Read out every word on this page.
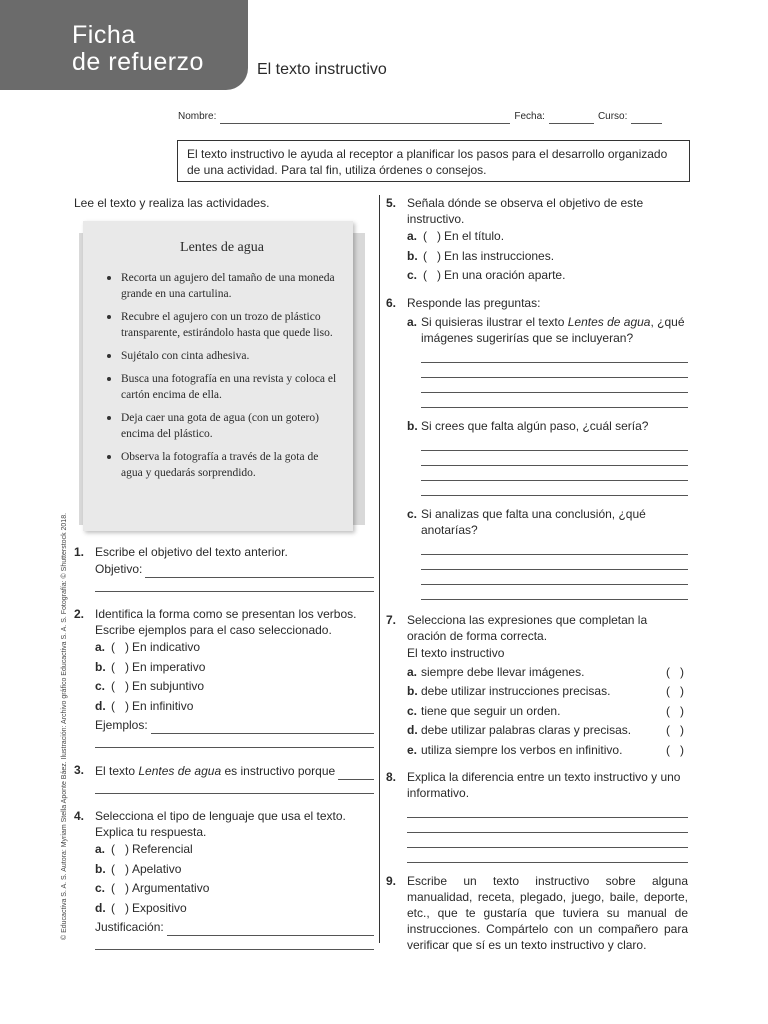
Ficha
de refuerzo	El texto instructivo
Nombre:	Fecha:	Curso:
El texto instructivo le ayuda al receptor a planificar los pasos para el desarrollo organizado de una actividad. Para tal fin, utiliza órdenes o consejos.
Lee el texto y realiza las actividades.
Lentes de agua
Recorta un agujero del tamaño de una moneda grande en una cartulina.
Recubre el agujero con un trozo de plástico transparente, estirándolo hasta que quede liso.
Sujétalo con cinta adhesiva.
Busca una fotografía en una revista y coloca el cartón encima de ella.
Deja caer una gota de agua (con un gotero) encima del plástico.
Observa la fotografía a través de la gota de agua y quedarás sorprendido.
1. Escribe el objetivo del texto anterior.

Objetivo:
2. Identifica la forma como se presentan los verbos. Escribe ejemplos para el caso seleccionado.

a. (   ) En indicativo
b. (   ) En imperativo
c. (   ) En subjuntivo
d. (   ) En infinitivo
Ejemplos:
3. El texto
Lentes de agua
es instructivo porque
4. Selecciona el tipo de lenguaje que usa el texto. Explica tu respuesta.

a. (   ) Referencial
b. (   ) Apelativo
c. (   ) Argumentativo
d. (   ) Expositivo
Justificación:
5. Señala dónde se observa el objetivo de este instructivo.

a. (   ) En el título.
b. (   ) En las instrucciones.
c. (   ) En una oración aparte.
6. Responde las preguntas:

a. Si quisieras ilustrar el texto Lentes de agua, ¿qué imágenes sugerirías que se incluyeran?

b. Si crees que falta algún paso, ¿cuál sería?

c. Si analizas que falta una conclusión, ¿qué anotarías?

7. Selecciona las expresiones que completan la oración de forma correcta.

El texto instructivo

a. siempre debe llevar imágenes.	(   )
b. debe utilizar instrucciones precisas.	(   )
c. tiene que seguir un orden.	(   )
d. debe utilizar palabras claras y precisas.	(   )
e. utiliza siempre los verbos en infinitivo.	(   )
8. Explica la diferencia entre un texto instructivo y uno informativo.

9. Escribe un texto instructivo sobre alguna manualidad, receta, plegado, juego, baile, deporte, etc., que te gustaría que tuviera su manual de instrucciones. Compártelo con un compañero para verificar que sí es un texto instructivo y claro.

© Educactiva S. A. S. Autora: Myriam Stella Aponte Báez. Ilustración: Archivo gráfico Educactiva S. A. S. Fotografía: © Shutterstock 2018.
